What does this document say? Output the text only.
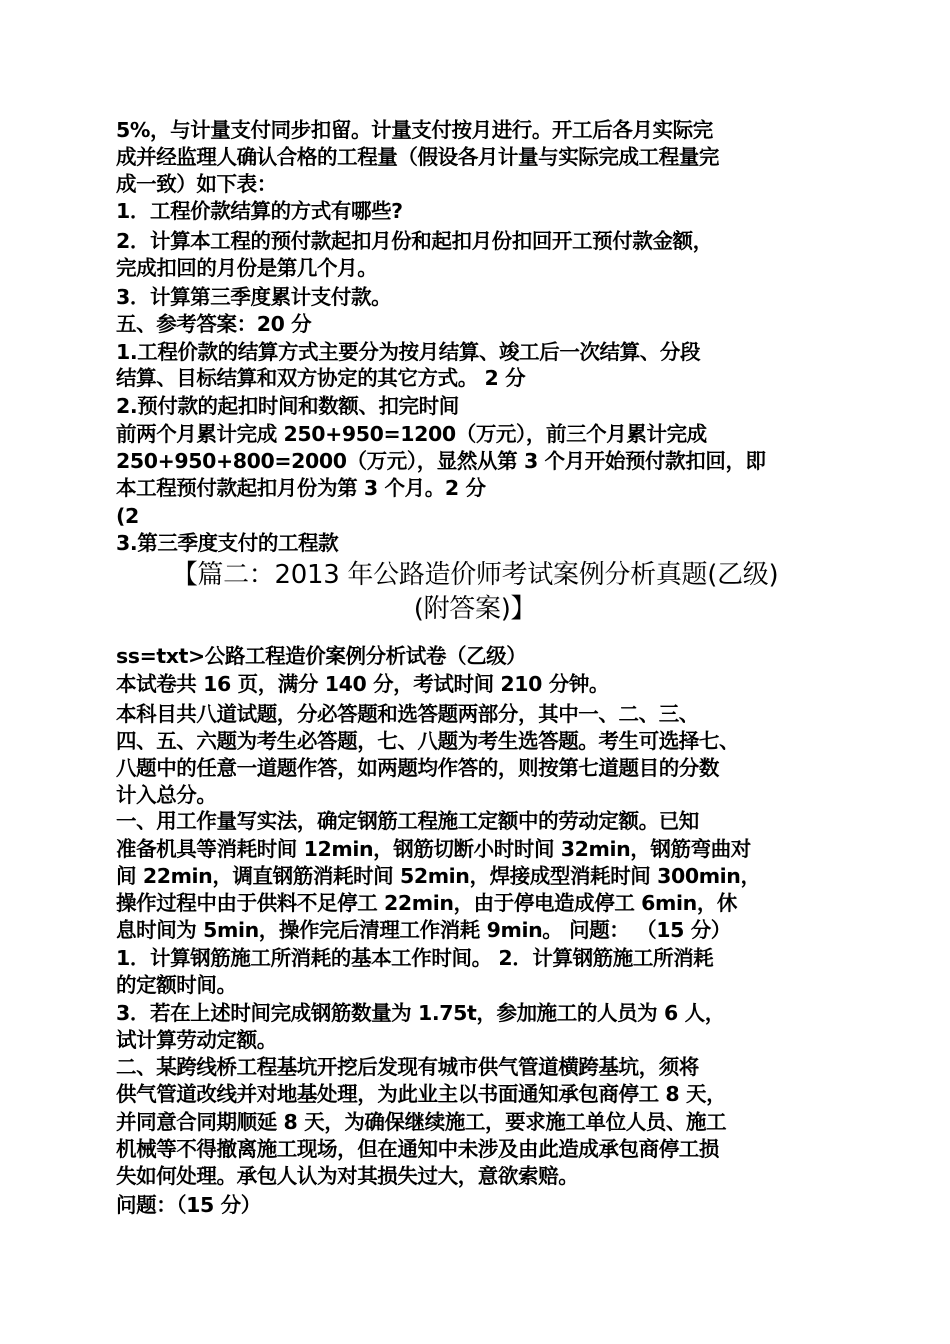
5%，与计量支付同步扣留。计量支付按月进行。开工后各月实际完
成并经监理人确认合格的工程量（假设各月计量与实际完成工程量完
成一致）如下表：
1．工程价款结算的方式有哪些?
2．计算本工程的预付款起扣月份和起扣月份扣回开工预付款金额，
完成扣回的月份是第几个月。
3．计算第三季度累计支付款。
五、参考答案：20 分
1.工程价款的结算方式主要分为按月结算、竣工后一次结算、分段
结算、目标结算和双方协定的其它方式。 2 分
2.预付款的起扣时间和数额、扣完时间
前两个月累计完成 250+950=1200（万元），前三个月累计完成
250+950+800=2000（万元），显然从第 3 个月开始预付款扣回，即
本工程预付款起扣月份为第 3 个月。2 分
(2
3.第三季度支付的工程款
【篇二：2013 年公路造价师考试案例分析真题(乙级)
(附答案)】
ss=txt>公路工程造价案例分析试卷（乙级）
本试卷共 16 页，满分 140 分，考试时间 210 分钟。
本科目共八道试题，分必答题和选答题两部分，其中一、二、三、
四、五、六题为考生必答题，七、八题为考生选答题。考生可选择七、
八题中的任意一道题作答，如两题均作答的，则按第七道题目的分数
计入总分。
一、用工作量写实法，确定钢筋工程施工定额中的劳动定额。已知
准备机具等消耗时间 12min，钢筋切断小时时间 32min，钢筋弯曲对
间 22min，调直钢筋消耗时间 52min，焊接成型消耗时间 300min，
操作过程中由于供料不足停工 22min，由于停电造成停工 6min，休
息时间为 5min，操作完后清理工作消耗 9min。 问题： （15 分）
1．计算钢筋施工所消耗的基本工作时间。 2．计算钢筋施工所消耗
的定额时间。
3．若在上述时间完成钢筋数量为 1.75t，参加施工的人员为 6 人，
试计算劳动定额。
二、某跨线桥工程基坑开挖后发现有城市供气管道横跨基坑，须将
供气管道改线并对地基处理，为此业主以书面通知承包商停工 8 天，
并同意合同期顺延 8 天，为确保继续施工，要求施工单位人员、施工
机械等不得撤离施工现场，但在通知中未涉及由此造成承包商停工损
失如何处理。承包人认为对其损失过大，意欲索赔。
问题：（15 分）
